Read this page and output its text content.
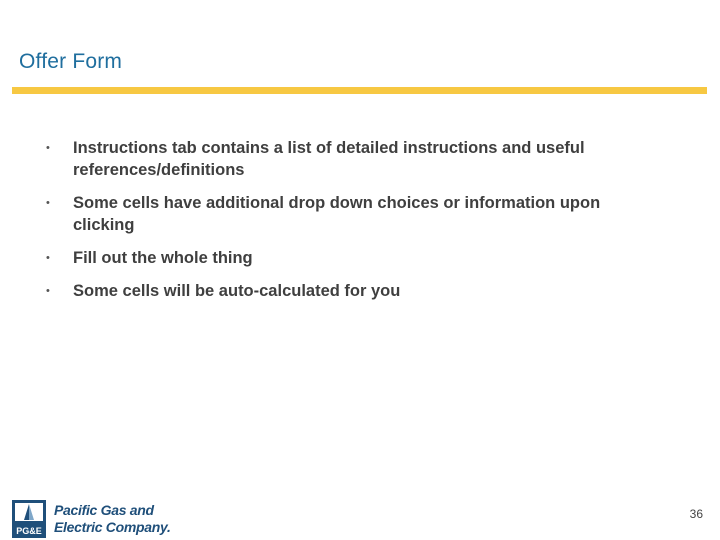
Offer Form
•	Instructions tab contains a list of detailed instructions and useful references/definitions
•	Some cells have additional drop down choices or information upon clicking
•	Fill out the whole thing
•	Some cells will be auto-calculated for you
PG&E
Pacific Gas and
Electric Company.
36
